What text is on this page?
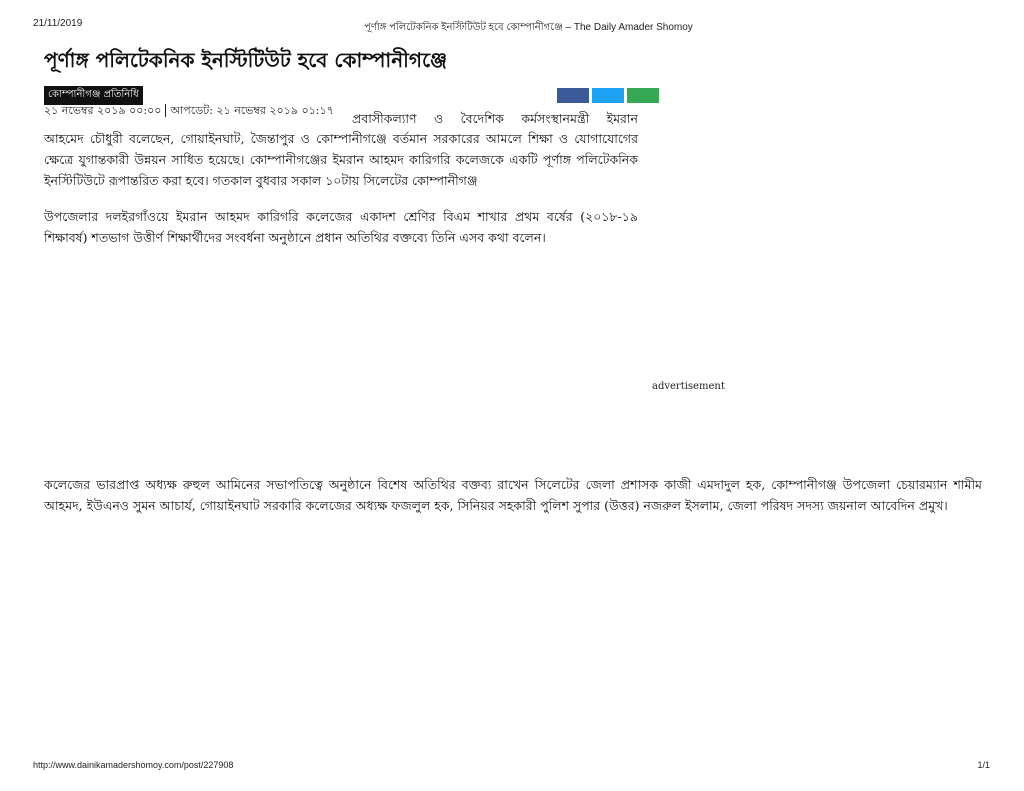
21/11/2019	পূর্ণাঙ্গ পলিটেকনিক ইনস্টিটিউট হবে কোম্পানীগঞ্জে – The Daily Amader Shomoy
পূর্ণাঙ্গ পলিটেকনিক ইনস্টিটিউট হবে কোম্পানীগঞ্জে
কোম্পানীগঞ্জ প্রতিনিধি
২১ নভেম্বর ২০১৯ ০০:০০ আপডেট: ২১ নভেম্বর ২০১৯ ০১:১৭
প্রবাসীকল্যাণ ও বৈদেশিক কর্মসংস্থানমন্ত্রী ইমরান

আহমেদ চৌধুরী বলেছেন, গোয়াইনঘাট, জৈন্তাপুর ও কোম্পানীগঞ্জে বর্তমান সরকারের আমলে শিক্ষা ও যোগাযোগের ক্ষেত্রে যুগান্তকারী উন্নয়ন সাধিত হয়েছে। কোম্পানীগঞ্জের ইমরান আহমদ কারিগরি কলেজকে একটি পূর্ণাঙ্গ পলিটেকনিক ইনস্টিটিউটে রূপান্তরিত করা হবে। গতকাল বুধবার সকাল ১০টায় সিলেটের কোম্পানীগঞ্জ

উপজেলার দলইরগাঁওয়ে ইমরান আহমদ কারিগরি কলেজের একাদশ শ্রেণির বিএম শাখার প্রথম বর্ষের (২০১৮-১৯ শিক্ষাবর্ষ) শতভাগ উত্তীর্ণ শিক্ষার্থীদের সংবর্ধনা অনুষ্ঠানে প্রধান অতিথির বক্তব্যে তিনি এসব কথা বলেন।

advertisement

কলেজের ভারপ্রাপ্ত অধ্যক্ষ রুহুল আমিনের সভাপতিত্বে অনুষ্ঠানে বিশেষ অতিথির বক্তব্য রাখেন সিলেটের জেলা প্রশাসক কাজী এমদাদুল হক, কোম্পানীগঞ্জ উপজেলা চেয়ারম্যান শামীম আহমদ, ইউএনও সুমন আচার্য, গোয়াইনঘাট সরকারি কলেজের অধ্যক্ষ ফজলুল হক, সিনিয়র সহকারী পুলিশ সুপার (উত্তর) নজরুল ইসলাম, জেলা পরিষদ সদস্য জয়নাল আবেদিন প্রমুখ।

http://www.dainikamadershomoy.com/post/227908	1/1
